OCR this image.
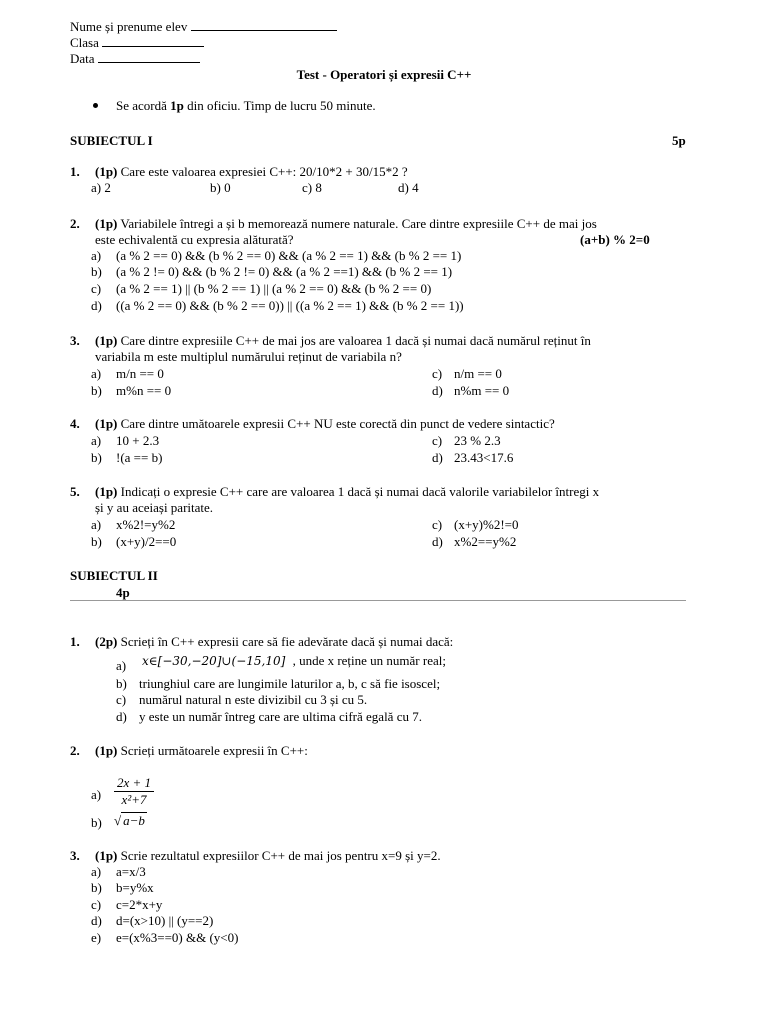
Nume și prenume elev
Clasa
Data
Test - Operatori și expresii C++
Se acordă 1p din oficiu. Timp de lucru 50 minute.
SUBIECTUL I	5p
1. (1p) Care este valoarea expresiei C++: 20/10*2 + 30/15*2 ?
a) 2	b) 0	c) 8	d) 4
2. (1p) Variabilele întregi a și b memorează numere naturale. Care dintre expresiile C++ de mai jos
este echivalentă cu expresia alăturată?	(a+b) % 2=0
a) (a % 2 == 0) && (b % 2 == 0) && (a % 2 == 1) && (b % 2 == 1)
b) (a % 2 != 0) && (b % 2 != 0) && (a % 2 ==1) && (b % 2 == 1)
c) (a % 2 == 1) || (b % 2 == 1) || (a % 2 == 0) && (b % 2 == 0)
d) ((a % 2 == 0) && (b % 2 == 0)) || ((a % 2 == 1) && (b % 2 == 1))
3. (1p) Care dintre expresiile C++ de mai jos are valoarea 1 dacă și numai dacă numărul reținut în
variabila m este multiplul numărului reținut de variabila n?
a) m/n == 0	c) n/m == 0
b) m%n == 0	d) n%m == 0
4. (1p) Care dintre umătoarele expresii C++ NU este corectă din punct de vedere sintactic?
a) 10 + 2.3	c) 23 % 2.3
b) !(a == b)	d) 23.43<17.6
5. (1p) Indicați o expresie C++ care are valoarea 1 dacă și numai dacă valorile variabilelor întregi x
și y au aceiași paritate.
a) x%2!=y%2	c) (x+y)%2!=0
b) (x+y)/2==0	d) x%2==y%2
SUBIECTUL II
4p
1. (2p) Scrieți în C++ expresii care să fie adevărate dacă și numai dacă:
a) x∈[−30,−20]∪(−15,10] , unde x reține un număr real;
b) triunghiul care are lungimile laturilor a, b, c să fie isoscel;
c) numărul natural n este divizibil cu 3 și cu 5.
d) y este un număr întreg care are ultima cifră egală cu 7.
2. (1p) Scrieți următoarele expresii în C++:
$a) \frac{2x + 1}{\text{x²+7}}$
b) √ a−b
3. (1p) Scrie rezultatul expresiilor C++ de mai jos pentru x=9 și y=2.
a) a=x/3
b) b=y%x
c) c=2*x+y
d) d=(x>10) || (y==2)
e) e=(x%3==0) && (y<0)
